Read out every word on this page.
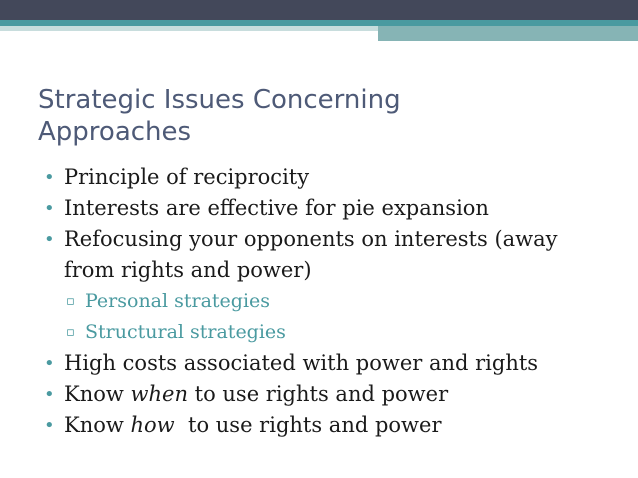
Strategic Issues Concerning
Approaches

• Principle of reciprocity

• Interests are effective for pie expansion

• Refocusing your opponents on interests (away
from rights and power)

▫ Personal strategies

▫ Structural strategies

• High costs associated with power and rights

• Know when to use rights and power

• Know how  to use rights and power
